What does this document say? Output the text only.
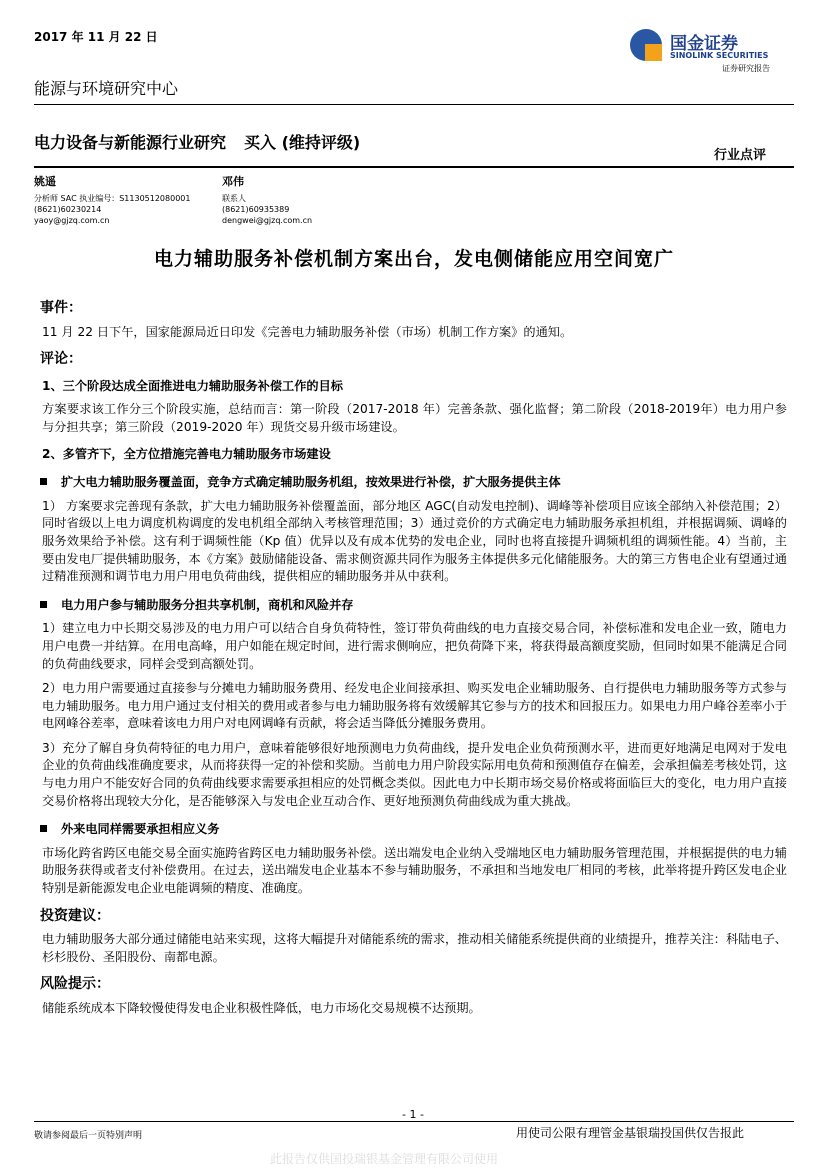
2017 年 11 月 22 日
能源与环境研究中心
国金证券
SINOLINK SECURITIES
证券研究报告
电力设备与新能源行业研究 买入 (维持评级)
行业点评
姚遥
分析师 SAC 执业编号：S1130512080001
(8621)60230214
yaoy@gjzq.com.cn
邓伟
联系人
(8621)60935389
dengwei@gjzq.com.cn
电力辅助服务补偿机制方案出台，发电侧储能应用空间宽广
事件：
11 月 22 日下午，国家能源局近日印发《完善电力辅助服务补偿（市场）机制工作方案》的通知。
评论：
1、三个阶段达成全面推进电力辅助服务补偿工作的目标
方案要求该工作分三个阶段实施，总结而言：第一阶段（2017-2018 年）完善条款、强化监督；第二阶段（2018-2019年）电力用户参与分担共享；第三阶段（2019-2020 年）现货交易升级市场建设。
2、多管齐下，全方位措施完善电力辅助服务市场建设
扩大电力辅助服务覆盖面，竞争方式确定辅助服务机组，按效果进行补偿，扩大服务提供主体
1） 方案要求完善现有条款，扩大电力辅助服务补偿覆盖面，部分地区 AGC(自动发电控制)、调峰等补偿项目应该全部纳入补偿范围；2）同时省级以上电力调度机构调度的发电机组全部纳入考核管理范围；3）通过竞价的方式确定电力辅助服务承担机组，并根据调频、调峰的服务效果给予补偿。这有利于调频性能（Kp 值）优异以及有成本优势的发电企业，同时也将直接提升调频机组的调频性能。4）当前，主要由发电厂提供辅助服务，本《方案》鼓励储能设备、需求侧资源共同作为服务主体提供多元化储能服务。大的第三方售电企业有望通过通过精准预测和调节电力用户用电负荷曲线，提供相应的辅助服务并从中获利。
电力用户参与辅助服务分担共享机制，商机和风险并存
1）建立电力中长期交易涉及的电力用户可以结合自身负荷特性，签订带负荷曲线的电力直接交易合同，补偿标准和发电企业一致，随电力用户电费一并结算。在用电高峰，用户如能在规定时间，进行需求侧响应，把负荷降下来，将获得最高额度奖励，但同时如果不能满足合同的负荷曲线要求，同样会受到高额处罚。
2）电力用户需要通过直接参与分摊电力辅助服务费用、经发电企业间接承担、购买发电企业辅助服务、自行提供电力辅助服务等方式参与电力辅助服务。电力用户通过支付相关的费用或者参与电力辅助服务将有效缓解其它参与方的技术和回报压力。如果电力用户峰谷差率小于电网峰谷差率，意味着该电力用户对电网调峰有贡献，将会适当降低分摊服务费用。
3）充分了解自身负荷特征的电力用户，意味着能够很好地预测电力负荷曲线，提升发电企业负荷预测水平，进而更好地满足电网对于发电企业的负荷曲线准确度要求，从而将获得一定的补偿和奖励。当前电力用户阶段实际用电负荷和预测值存在偏差，会承担偏差考核处罚，这与电力用户不能安好合同的负荷曲线要求需要承担相应的处罚概念类似。因此电力中长期市场交易价格或将面临巨大的变化，电力用户直接交易价格将出现较大分化，是否能够深入与发电企业互动合作、更好地预测负荷曲线成为重大挑战。
外来电同样需要承担相应义务
市场化跨省跨区电能交易全面实施跨省跨区电力辅助服务补偿。送出端发电企业纳入受端地区电力辅助服务管理范围，并根据提供的电力辅助服务获得或者支付补偿费用。在过去，送出端发电企业基本不参与辅助服务，不承担和当地发电厂相同的考核，此举将提升跨区发电企业特别是新能源发电企业电能调频的精度、准确度。
投资建议：
电力辅助服务大部分通过储能电站来实现，这将大幅提升对储能系统的需求，推动相关储能系统提供商的业绩提升，推荐关注：科陆电子、杉杉股份、圣阳股份、南都电源。
风险提示：
储能系统成本下降较慢使得发电企业积极性降低，电力市场化交易规模不达预期。
- 1 -
敬请参阅最后一页特别声明	用使司公限有理管金基银瑞投国供仅告报此
此报告仅供国投瑞银基金管理有限公司使用
